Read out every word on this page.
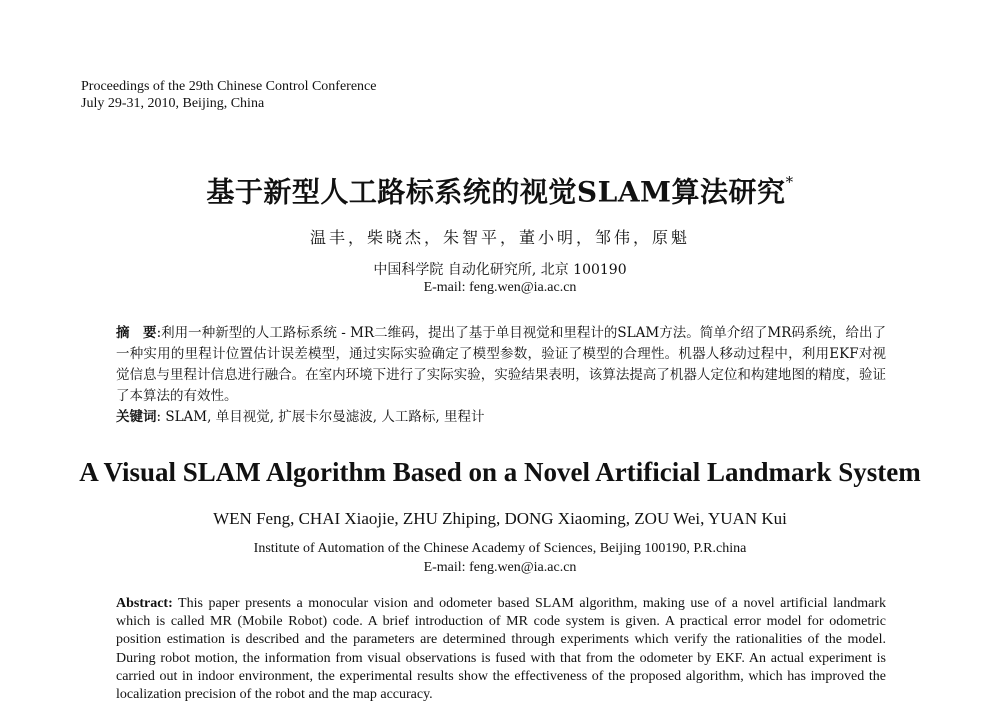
Proceedings of the 29th Chinese Control Conference
July 29-31, 2010, Beijing, China
基于新型人工路标系统的视觉SLAM算法研究*
温丰，柴晓杰，朱智平，董小明，邹伟，原魁
中国科学院 自动化研究所, 北京 100190
E-mail: feng.wen@ia.ac.cn
摘　要:利用一种新型的人工路标系统 - MR二维码，提出了基于单目视觉和里程计的SLAM方法。简单介绍了MR码系统，给出了一种实用的里程计位置估计误差模型，通过实际实验确定了模型参数，验证了模型的合理性。机器人移动过程中，利用EKF对视觉信息与里程计信息进行融合。在室内环境下进行了实际实验，实验结果表明，该算法提高了机器人定位和构建地图的精度，验证了本算法的有效性。
关键词: SLAM, 单目视觉, 扩展卡尔曼滤波, 人工路标, 里程计
A Visual SLAM Algorithm Based on a Novel Artificial Landmark System
WEN Feng, CHAI Xiaojie, ZHU Zhiping, DONG Xiaoming, ZOU Wei, YUAN Kui
Institute of Automation of the Chinese Academy of Sciences, Beijing 100190, P.R.china
E-mail: feng.wen@ia.ac.cn
Abstract: This paper presents a monocular vision and odometer based SLAM algorithm, making use of a novel artificial landmark which is called MR (Mobile Robot) code. A brief introduction of MR code system is given. A practical error model for odometric position estimation is described and the parameters are determined through experiments which verify the rationalities of the model. During robot motion, the information from visual observations is fused with that from the odometer by EKF. An actual experiment is carried out in indoor environment, the experimental results show the effectiveness of the proposed algorithm, which has improved the localization precision of the robot and the map accuracy.
